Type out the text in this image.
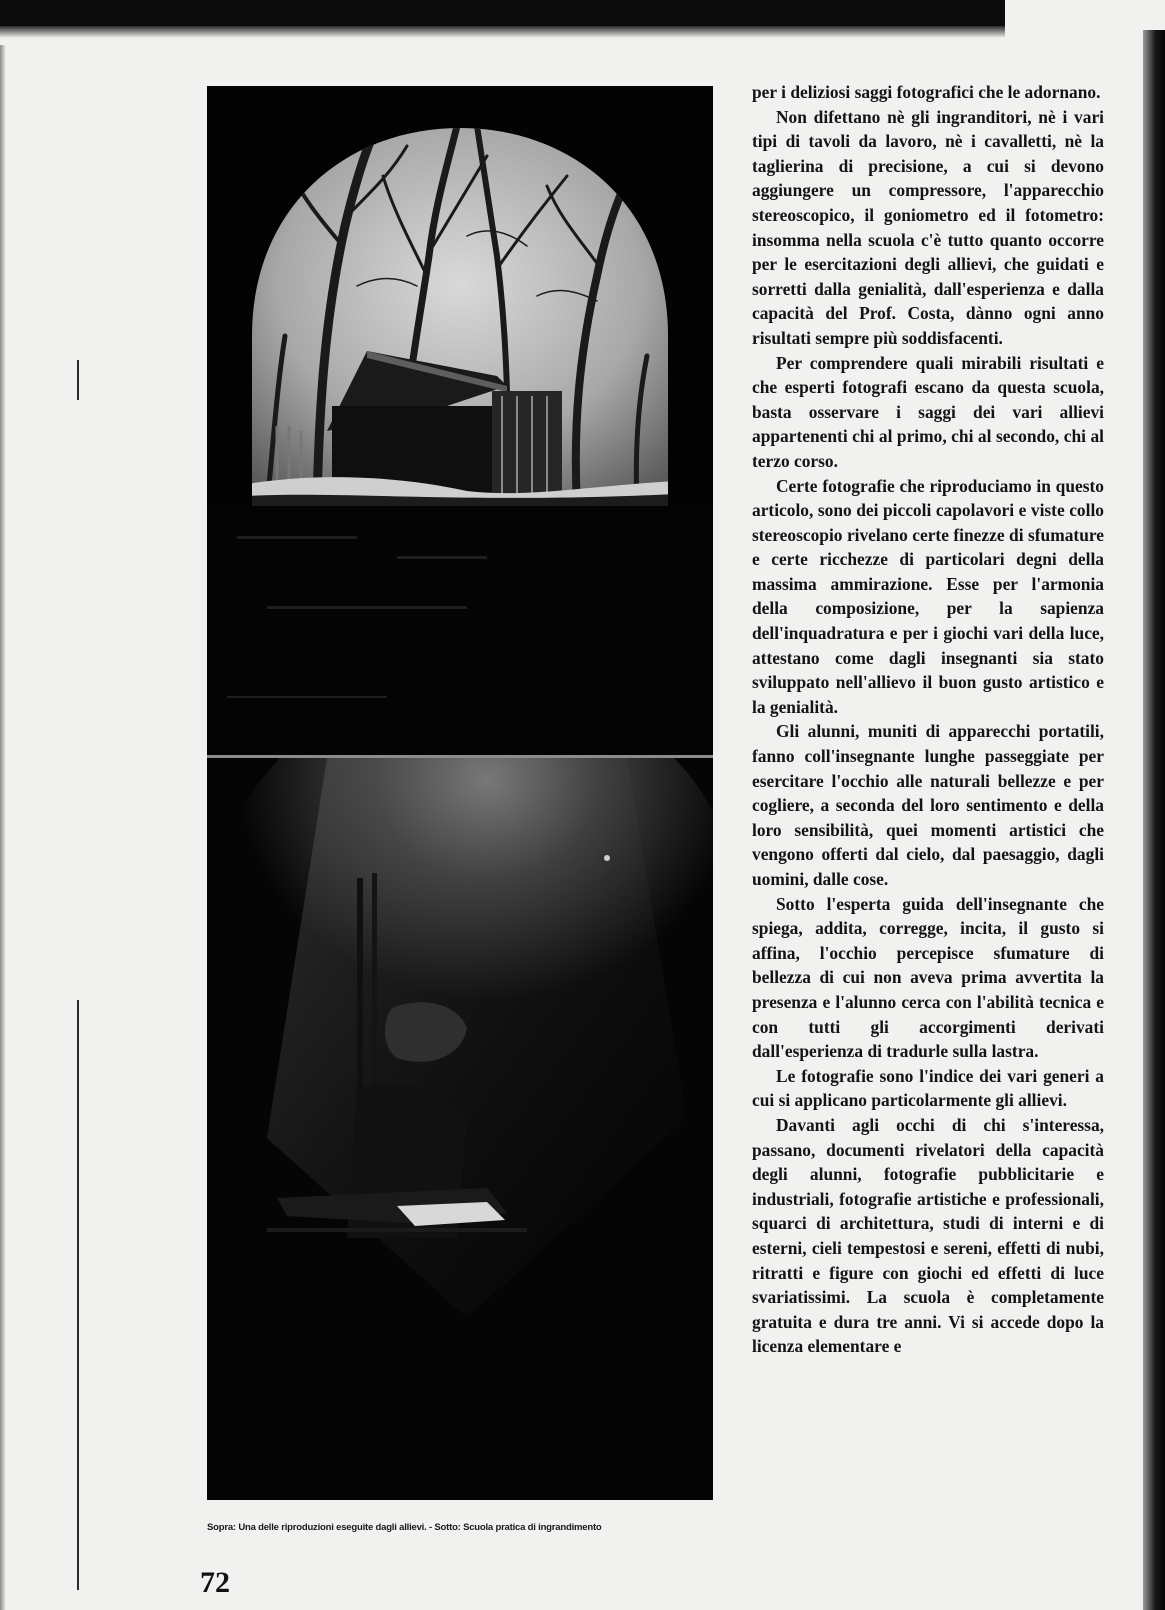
Sopra: Una delle riproduzioni eseguite dagli allievi. - Sotto: Scuola pratica di ingrandimento
72

per i deliziosi saggi fotografici che le adornano.

Non difettano nè gli ingranditori, nè i vari tipi di tavoli da lavoro, nè i cavalletti, nè la taglierina di precisione, a cui si devono aggiungere un compressore, l'apparecchio stereoscopico, il goniometro ed il fotometro: insomma nella scuola c'è tutto quanto occorre per le esercitazioni degli allievi, che guidati e sorretti dalla genialità, dall'esperienza e dalla capacità del Prof. Costa, dànno ogni anno risultati sempre più soddisfacenti.

Per comprendere quali mirabili risultati e che esperti fotografi escano da questa scuola, basta osservare i saggi dei vari allievi appartenenti chi al primo, chi al secondo, chi al terzo corso.

Certe fotografie che riproduciamo in questo articolo, sono dei piccoli capolavori e viste collo stereoscopio rivelano certe finezze di sfumature e certe ricchezze di particolari degni della massima ammirazione. Esse per l'armonia della composizione, per la sapienza dell'inquadratura e per i giochi vari della luce, attestano come dagli insegnanti sia stato sviluppato nell'allievo il buon gusto artistico e la genialità.

Gli alunni, muniti di apparecchi portatili, fanno coll'insegnante lunghe passeggiate per esercitare l'occhio alle naturali bellezze e per cogliere, a seconda del loro sentimento e della loro sensibilità, quei momenti artistici che vengono offerti dal cielo, dal paesaggio, dagli uomini, dalle cose.

Sotto l'esperta guida dell'insegnante che spiega, addita, corregge, incita, il gusto si affina, l'occhio percepisce sfumature di bellezza di cui non aveva prima avvertita la presenza e l'alunno cerca con l'abilità tecnica e con tutti gli accorgimenti derivati dall'esperienza di tradurle sulla lastra.

Le fotografie sono l'indice dei vari generi a cui si applicano particolarmente gli allievi.

Davanti agli occhi di chi s'interessa, passano, documenti rivelatori della capacità degli alunni, fotografie pubblicitarie e industriali, fotografie artistiche e professionali, squarci di architettura, studi di interni e di esterni, cieli tempestosi e sereni, effetti di nubi, ritratti e figure con giochi ed effetti di luce svariatissimi. La scuola è completamente gratuita e dura tre anni. Vi si accede dopo la licenza elementare e
